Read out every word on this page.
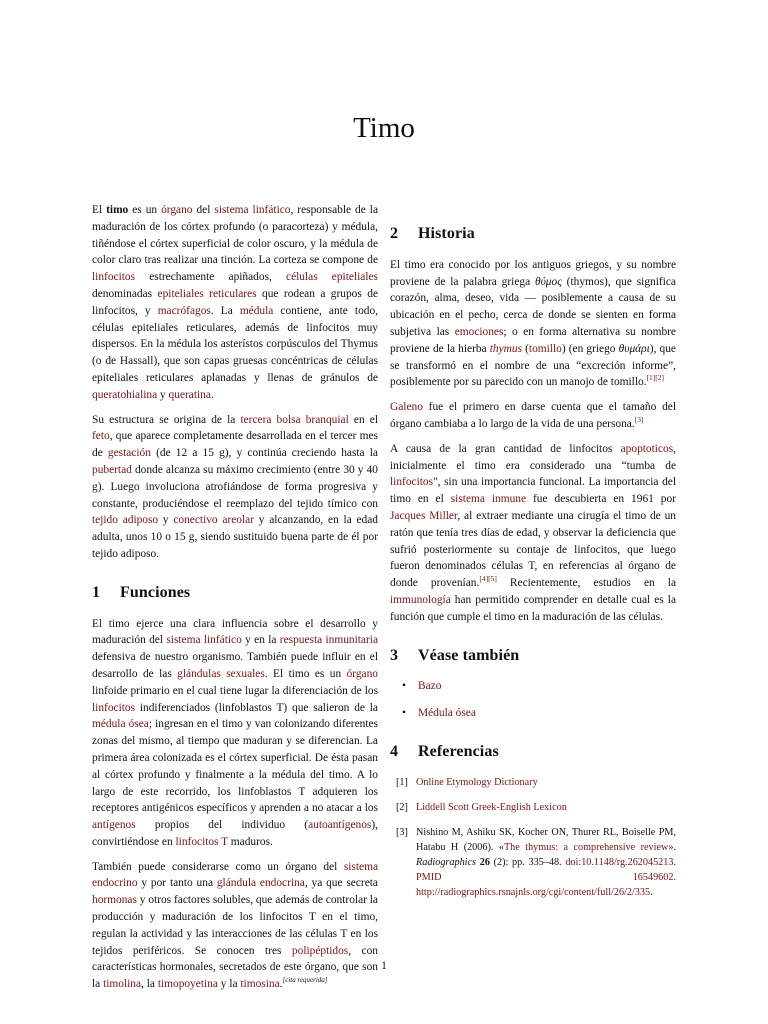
Timo

El timo es un órgano del sistema linfático, responsable de la maduración de los córtex profundo (o paracorteza) y médula, tiñéndose el córtex superficial de color oscuro, y la médula de color claro tras realizar una tinción. La corteza se compone de linfocitos estrechamente apiñados, células epiteliales denominadas epiteliales reticulares que rodean a grupos de linfocitos, y macrófagos. La médula contiene, ante todo, células epiteliales reticulares, además de linfocitos muy dispersos. En la médula los asterístos corpúsculos del Thymus (o de Hassall), que son capas gruesas concéntricas de células epiteliales reticulares aplanadas y llenas de gránulos de queratohialina y queratina.

Su estructura se origina de la tercera bolsa branquial en el feto, que aparece completamente desarrollada en el tercer mes de gestación (de 12 a 15 g), y continúa creciendo hasta la pubertad donde alcanza su máximo crecimiento (entre 30 y 40 g). Luego involuciona atrofiándose de forma progresiva y constante, produciéndose el reemplazo del tejido tímico con tejido adiposo y conectivo areolar y alcanzando, en la edad adulta, unos 10 o 15 g, siendo sustituido buena parte de él por tejido adiposo.

1 Funciones

El timo ejerce una clara influencia sobre el desarrollo y maduración del sistema linfático y en la respuesta inmunitaria defensiva de nuestro organismo. También puede influir en el desarrollo de las glándulas sexuales. El timo es un órgano linfoide primario en el cual tiene lugar la diferenciación de los linfocitos indiferenciados (linfoblastos T) que salieron de la médula ósea; ingresan en el timo y van colonizando diferentes zonas del mismo, al tiempo que maduran y se diferencian. La primera área colonizada es el córtex superficial. De ésta pasan al córtex profundo y finalmente a la médula del timo. A lo largo de este recorrido, los linfoblastos T adquieren los receptores antigénicos específicos y aprenden a no atacar a los antígenos propios del individuo (autoantígenos), convirtiéndose en linfocitos T maduros.

También puede considerarse como un órgano del sistema endocrino y por tanto una glándula endocrina, ya que secreta hormonas y otros factores solubles, que además de controlar la producción y maduración de los linfocitos T en el timo, regulan la actividad y las interacciones de las células T en los tejidos periféricos. Se conocen tres polipéptidos, con características hormonales, secretados de este órgano, que son la timolina, la timopoyetina y la timosina.[cita requerida]

2 Historia

El timo era conocido por los antiguos griegos, y su nombre proviene de la palabra griega θύμος (thymos), que significa corazón, alma, deseo, vida — posiblemente a causa de su ubicación en el pecho, cerca de donde se sienten en forma subjetiva las emociones; o en forma alternativa su nombre proviene de la hierba thymus (tomillo) (en griego θυμάρι), que se transformó en el nombre de una “excreción informe”, posiblemente por su parecido con un manojo de tomillo.[1][2]

Galeno fue el primero en darse cuenta que el tamaño del órgano cambiaba a lo largo de la vida de una persona.[3]

A causa de la gran cantidad de linfocitos apoptoticos, inicialmente el timo era considerado una “tumba de linfocitos", sin una importancia funcional. La importancia del timo en el sistema inmune fue descubierta en 1961 por Jacques Miller, al extraer mediante una cirugía el timo de un ratón que tenía tres días de edad, y observar la deficiencia que sufrió posteriormente su contaje de linfocitos, que luego fueron denominados células T, en referencias al órgano de donde provenían.[4][5] Recientemente, estudios en la immunología han permitido comprender en detalle cual es la función que cumple el timo en la maduración de las células.

3 Véase también
• Bazo
• Médula ósea
4 Referencias
[1] Online Etymology Dictionary
[2] Liddell Scott Greek-English Lexicon
[3] Nishino M, Ashiku SK, Kocher ON, Thurer RL, Boiselle PM, Hatabu H (2006). «The thymus: a comprehensive review». Radiographics 26 (2): pp. 335–48. doi:10.1148/rg.262045213. PMID	16549602. http://radiographics.rsnajnls.org/cgi/content/full/26/2/335.
1
